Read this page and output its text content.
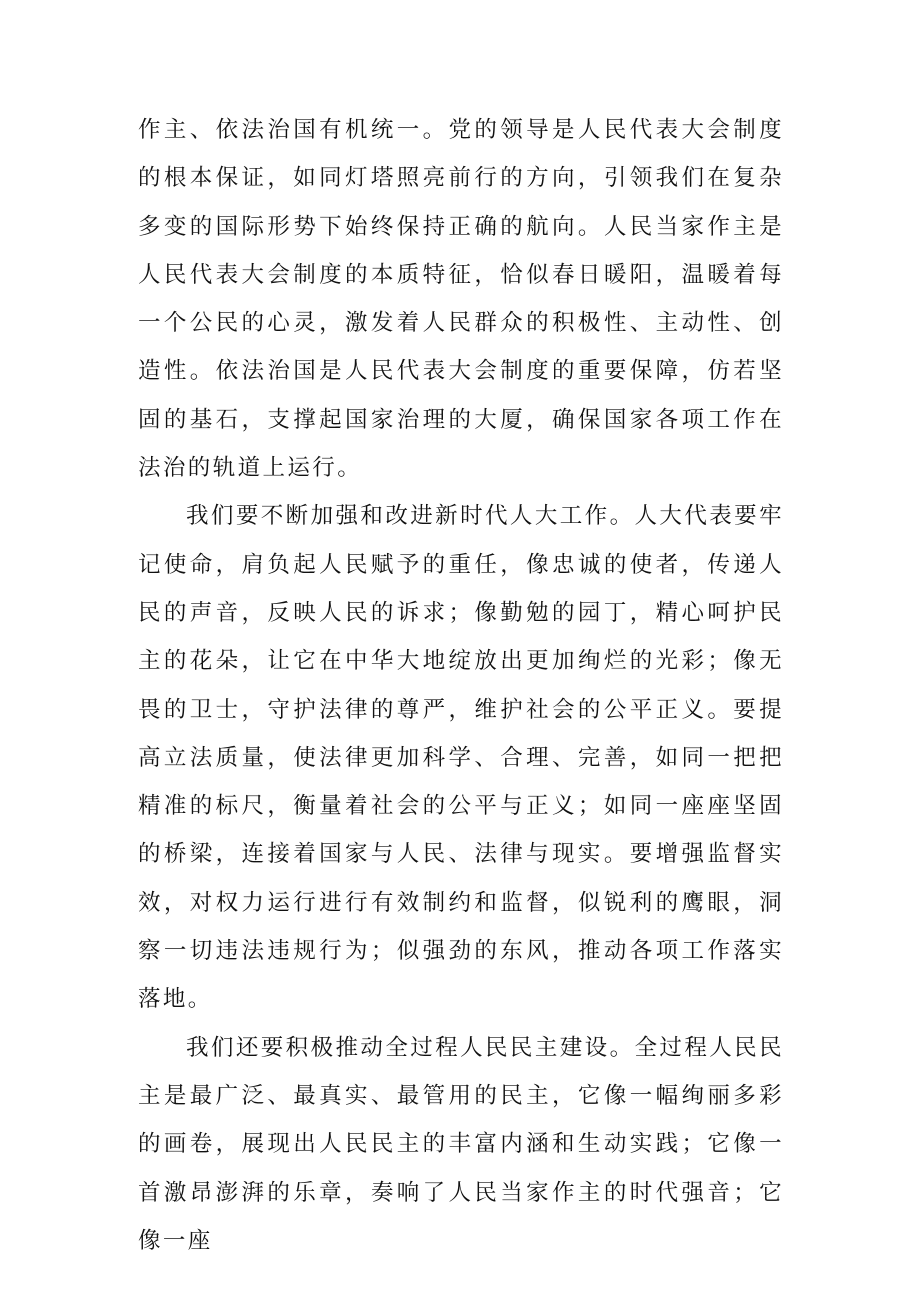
作主、依法治国有机统一。党的领导是人民代表大会制度的根本保证，如同灯塔照亮前行的方向，引领我们在复杂多变的国际形势下始终保持正确的航向。人民当家作主是人民代表大会制度的本质特征，恰似春日暖阳，温暖着每一个公民的心灵，激发着人民群众的积极性、主动性、创造性。依法治国是人民代表大会制度的重要保障，仿若坚固的基石，支撑起国家治理的大厦，确保国家各项工作在法治的轨道上运行。

我们要不断加强和改进新时代人大工作。人大代表要牢记使命，肩负起人民赋予的重任，像忠诚的使者，传递人民的声音，反映人民的诉求；像勤勉的园丁，精心呵护民主的花朵，让它在中华大地绽放出更加绚烂的光彩；像无畏的卫士，守护法律的尊严，维护社会的公平正义。要提高立法质量，使法律更加科学、合理、完善，如同一把把精准的标尺，衡量着社会的公平与正义；如同一座座坚固的桥梁，连接着国家与人民、法律与现实。要增强监督实效，对权力运行进行有效制约和监督，似锐利的鹰眼，洞察一切违法违规行为；似强劲的东风，推动各项工作落实落地。

我们还要积极推动全过程人民民主建设。全过程人民民主是最广泛、最真实、最管用的民主，它像一幅绚丽多彩的画卷，展现出人民民主的丰富内涵和生动实践；它像一首激昂澎湃的乐章，奏响了人民当家作主的时代强音；它像一座
